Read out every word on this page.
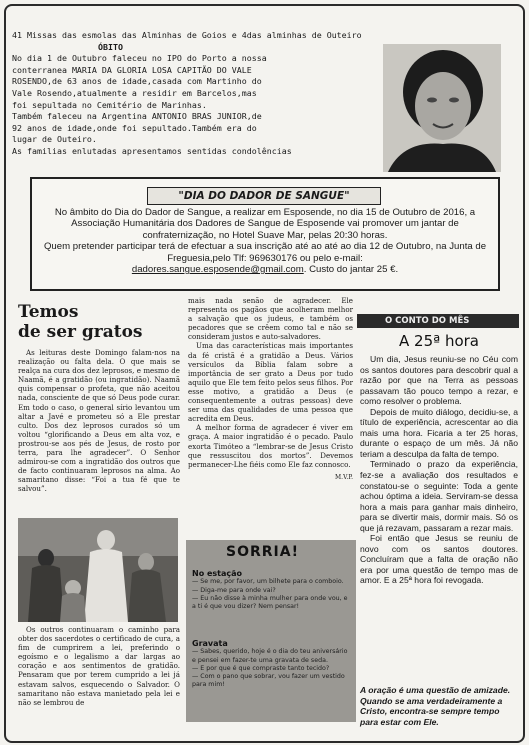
41 Missas das esmolas das Alminhas de Goios e 4das alminhas de Outeiro

ÓBITO

No dia 1 de Outubro faleceu no IPO do Porto a nossa

conterranea MARIA DA GLORIA LOSA CAPITÃO DO VALE

ROSENDO,de 63 anos de idade,casada com Martinho do

Vale Rosendo,atualmente a residir em Barcelos,mas

foi sepultada no Cemitério de Marinhas.

Também faleceu na Argentina ANTONIO BRAS JUNIOR,de

92 anos de idade,onde foi sepultado.Também era do

lugar de Outeiro.

As familias enlutadas apresentamos sentidas condolências

"DIA DO DADOR DE SANGUE"
No âmbito do Dia do Dador de Sangue, a realizar em Esposende, no dia 15 de Outubro de 2016, a Associação Humanitária dos Dadores de Sangue de Esposende vai promover um jantar de confraternização, no Hotel Suave Mar, pelas 20:30 horas.
Quem pretender participar terá de efectuar a sua inscrição até ao até ao dia 12 de Outubro, na Junta de Freguesia,pelo Tlf: 969630176 ou pelo e-mail:
dadores.sangue.esposende@gmail.com. Custo do jantar 25 €.
Temos
de ser gratos

As leituras deste Domingo falam-nos na realização ou falta dela. O que mais se realça na cura dos dez leprosos, e mesmo de Naamã, é a gratidão (ou ingratidão). Naamã quis compensar o profeta, que não aceitou nada, consciente de que só Deus pode curar. Em todo o caso, o general sírio levantou um altar a Javé e prometeu só a Ele prestar culto. Dos dez leprosos curados só um voltou “glorificando a Deus em alta voz, e prostrou-se aos pés de Jesus, de rosto por terra, para lhe agradecer”. O Senhor admirou-se com a ingratidão dos outros que de facto continuaram leprosos na alma. Ao samaritano disse: “Foi a tua fé que te salvou”.

Os outros continuaram o caminho para obter dos sacerdotes o certificado de cura, a fim de cumprirem a lei, preferindo o egoísmo e o legalismo a dar largas ao coração e aos sentimentos de gratidão. Pensaram que por terem cumprido a lei já estavam salvos, esquecendo o Salvador. O samaritano não estava manietado pela lei e não se lembrou de

mais nada senão de agradecer. Ele representa os pagãos que acolheram melhor a salvação que os judeus, e também os pecadores que se crêem como tal e não se consideram justos e auto-salvadores.

Uma das características mais importantes da fé cristã é a gratidão a Deus. Vários versículos da Bíblia falam sobre a importância de ser grato a Deus por tudo aquilo que Ele tem feito pelos seus filhos. Por esse motivo, a gratidão a Deus (e consequentemente a outras pessoas) deve ser uma das qualidades de uma pessoa que acredita em Deus.

A melhor forma de agradecer é viver em graça. A maior ingratidão é o pecado. Paulo exorta Timóteo a “lembrar-se de Jesus Cristo que ressuscitou dos mortos”. Devemos permanecer-Lhe fiéis como Ele faz connosco.

M.V.P.
SORRIA!
No estação
— Se me, por favor, um bilhete para o comboio.
— Diga-me para onde vai?
— Eu não disse à minha mulher para onde vou, e a ti é que vou dizer? Nem pensar!
Gravata
— Sabes, querido, hoje é o dia do teu aniversário e pensei em fazer-te uma gravata de seda.
— E por que é que compraste tanto tecido?
— Com o pano que sobrar, vou fazer um vestido para mim!
O CONTO DO MÊS
A 25ª hora

Um dia, Jesus reuniu-se no Céu com os santos doutores para descobrir qual a razão por que na Terra as pessoas passavam tão pouco tempo a rezar, e como resolver o problema.

Depois de muito diálogo, decidiu-se, a título de experiência, acrescentar ao dia mais uma hora. Ficaria a ter 25 horas, durante o espaço de um mês. Já não teriam a desculpa da falta de tempo.

Terminado o prazo da experiência, fez-se a avaliação dos resultados e constatou-se o seguinte: Toda a gente achou óptima a ideia. Serviram-se dessa hora a mais para ganhar mais dinheiro, para se divertir mais, dormir mais. Só os que já rezavam, passaram a rezar mais.

Foi então que Jesus se reuniu de novo com os santos doutores. Concluíram que a falta de oração não era por uma questão de tempo mas de amor. E a 25ª hora foi revogada.

A oração é uma questão de amizade. Quando se ama verdadeiramente a Cristo, encontra-se sempre tempo para estar com Ele.
